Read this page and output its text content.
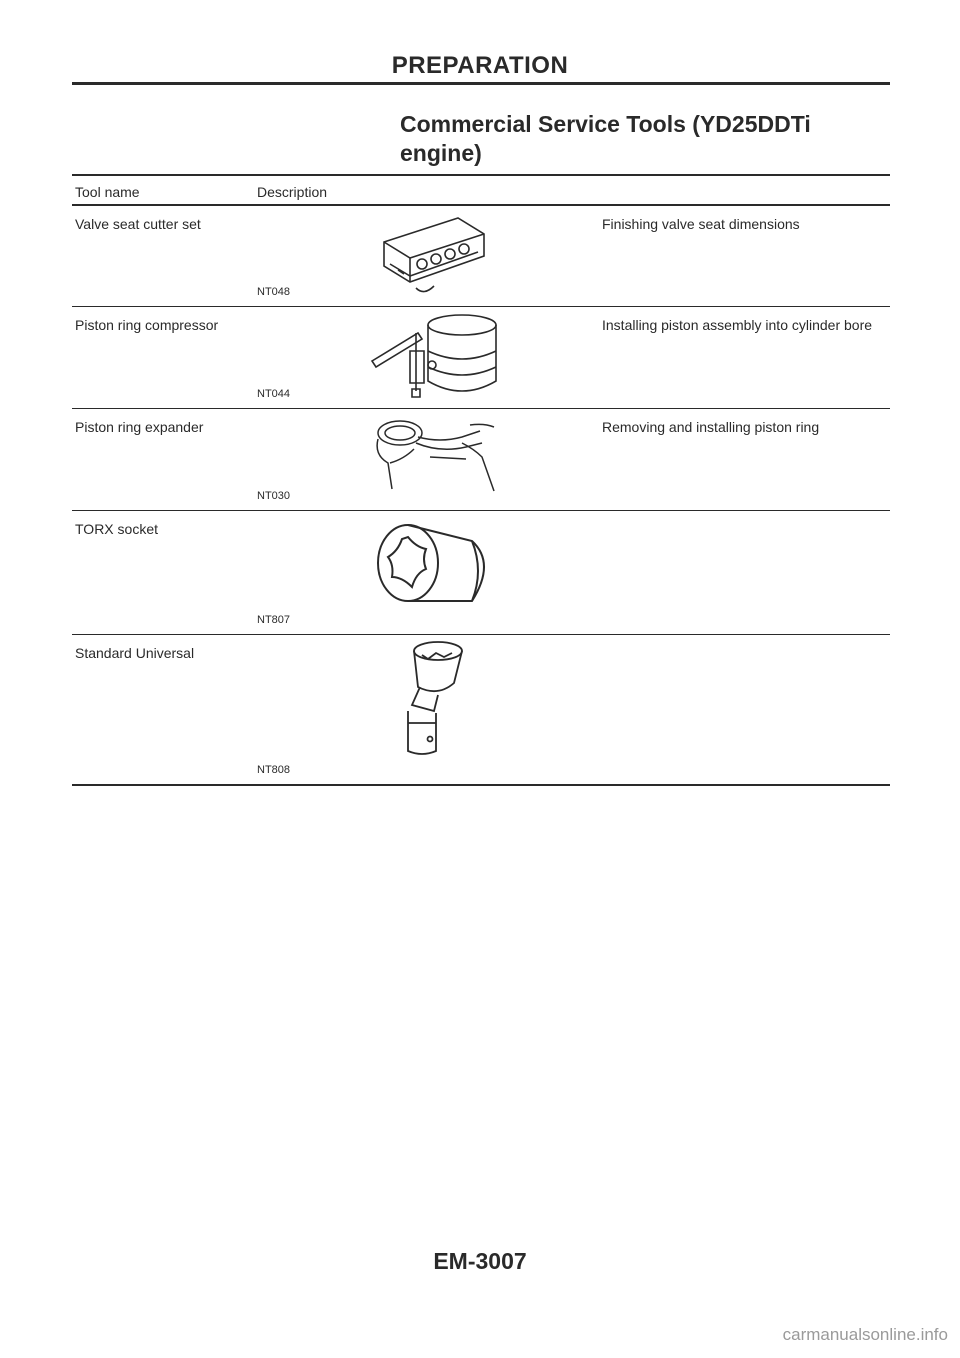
PREPARATION
Commercial Service Tools (YD25DDTi engine)
Tool name	Description	
Valve seat cutter set	NT048	Finishing valve seat dimensions
Piston ring compressor	NT044	Installing piston assembly into cylinder bore
Piston ring expander	NT030	Removing and installing piston ring
TORX socket	NT807	

Standard Universal	NT808	

EM-3007
carmanualsonline.info
